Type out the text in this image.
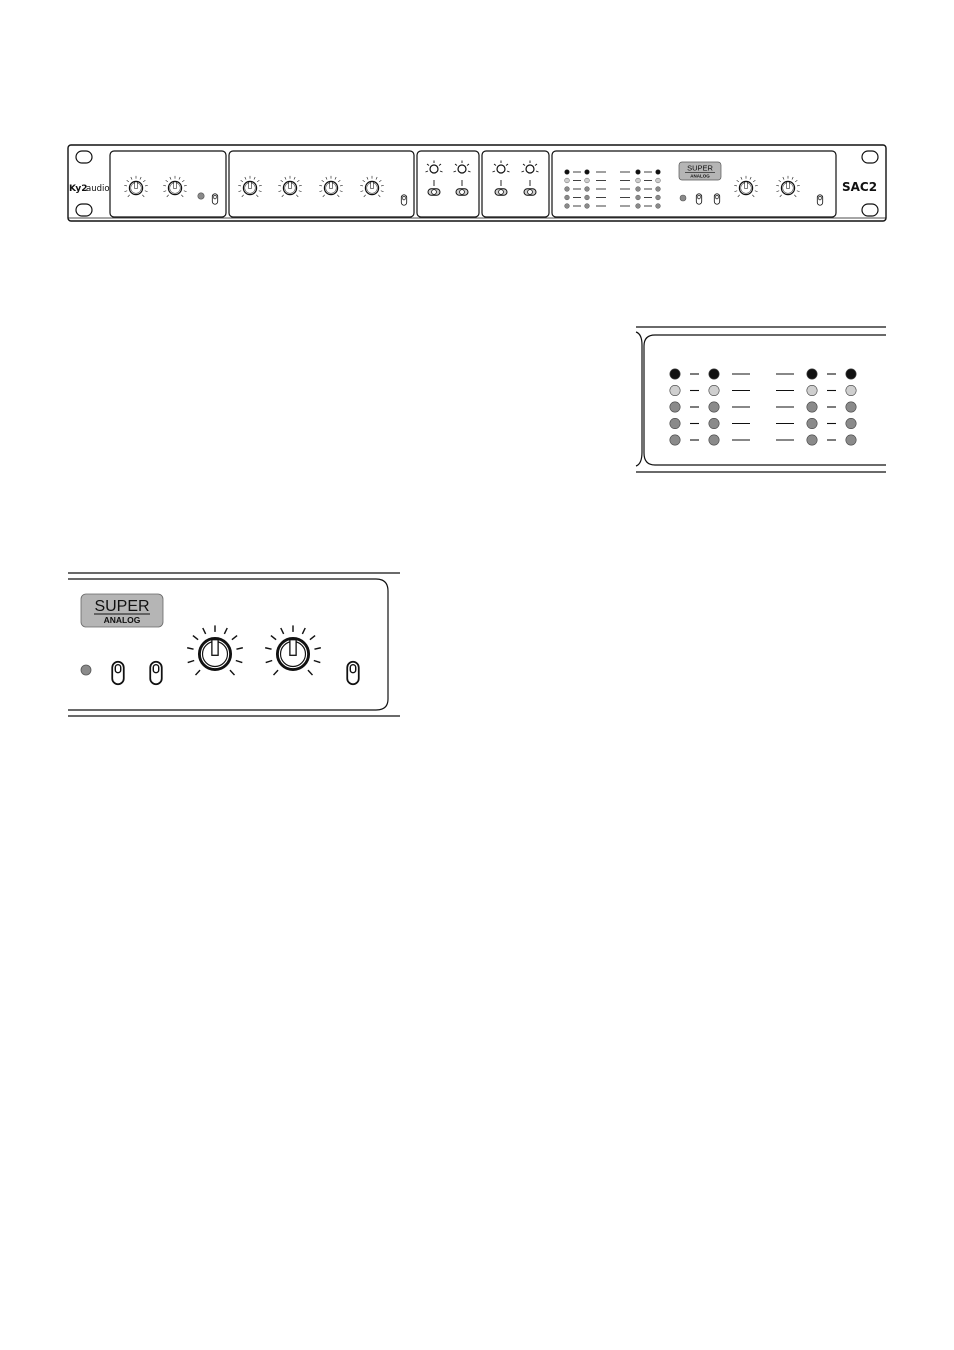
Ky2
audio
SUPER
ANALOG
SAC2
SUPER
ANALOG
